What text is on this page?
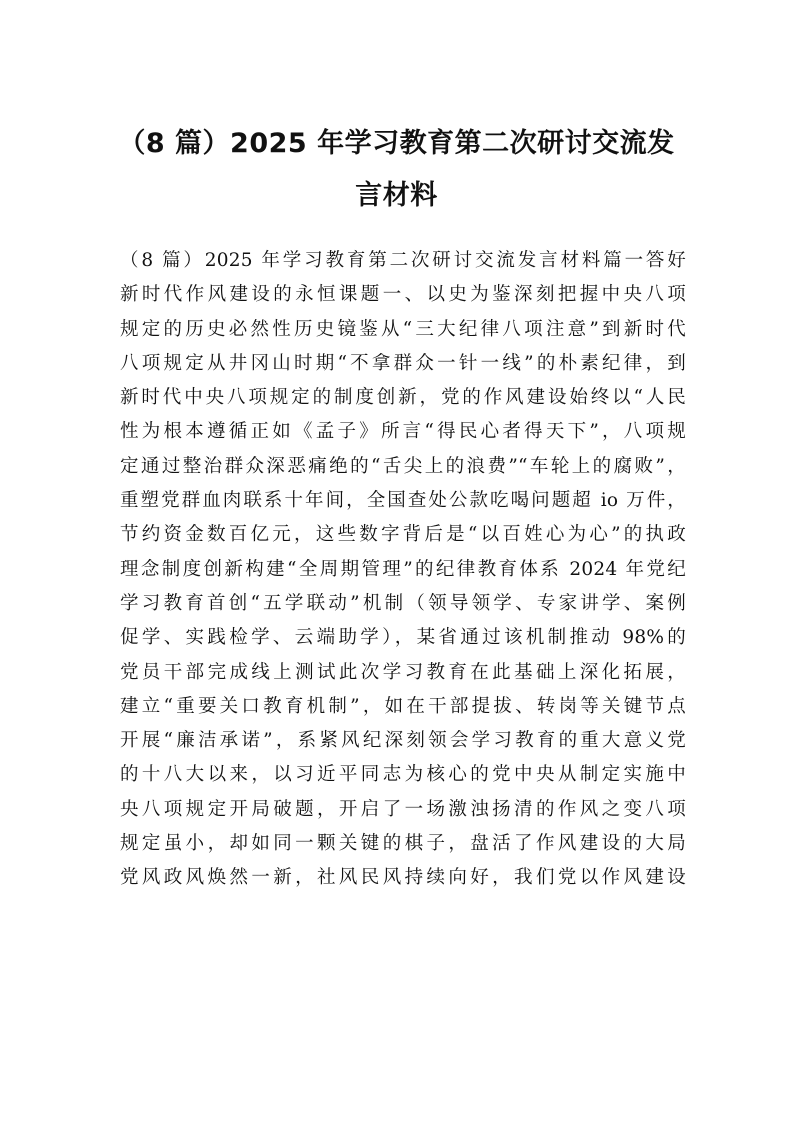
（8 篇）2025 年学习教育第二次研讨交流发
言材料
（8 篇）2025 年学习教育第二次研讨交流发言材料篇一答好
新时代作风建设的永恒课题一、以史为鉴深刻把握中央八项
规定的历史必然性历史镜鉴从“三大纪律八项注意”到新时代
八项规定从井冈山时期“不拿群众一针一线”的朴素纪律，到
新时代中央八项规定的制度创新，党的作风建设始终以“人民
性为根本遵循正如《孟子》所言“得民心者得天下”，八项规
定通过整治群众深恶痛绝的“舌尖上的浪费”“车轮上的腐败”，
重塑党群血肉联系十年间，全国查处公款吃喝问题超 io 万件，
节约资金数百亿元，这些数字背后是“以百姓心为心”的执政
理念制度创新构建“全周期管理”的纪律教育体系 2024 年党纪
学习教育首创“五学联动”机制（领导领学、专家讲学、案例
促学、实践检学、云端助学），某省通过该机制推动 98%的
党员干部完成线上测试此次学习教育在此基础上深化拓展，
建立“重要关口教育机制”，如在干部提拔、转岗等关键节点
开展“廉洁承诺”，系紧风纪深刻领会学习教育的重大意义党
的十八大以来，以习近平同志为核心的党中央从制定实施中
央八项规定开局破题，开启了一场激浊扬清的作风之变八项
规定虽小，却如同一颗关键的棋子，盘活了作风建设的大局
党风政风焕然一新，社风民风持续向好，我们党以作风建设
